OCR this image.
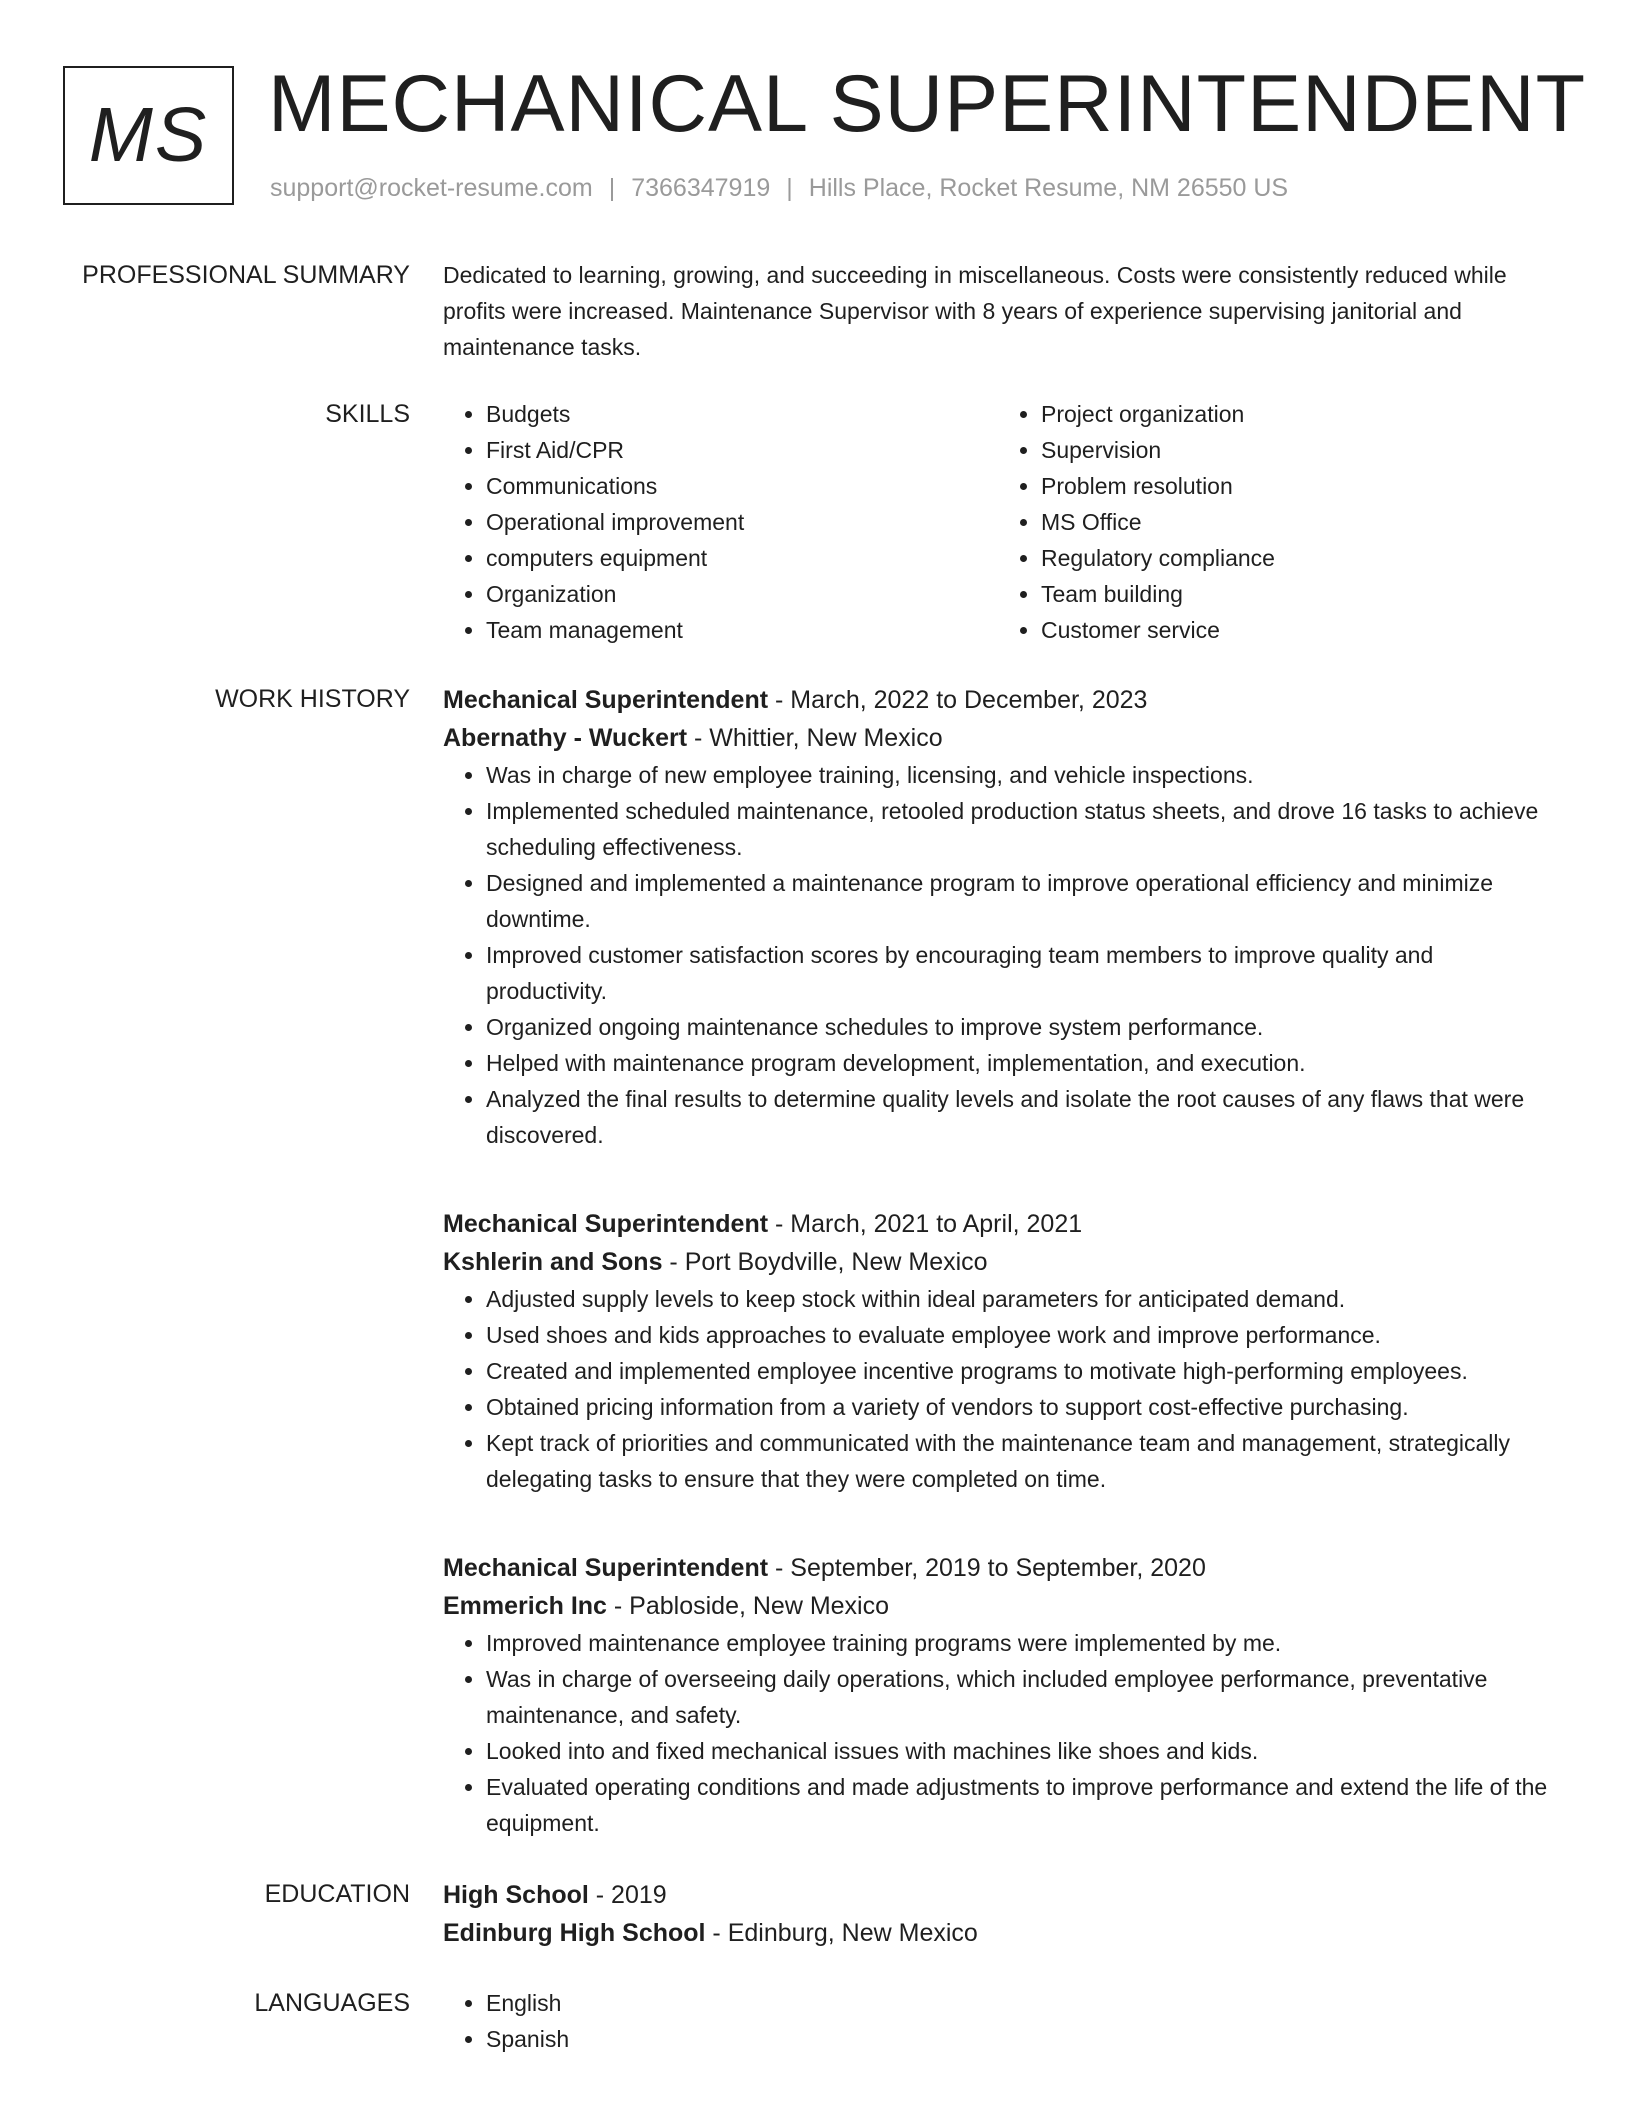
MS MECHANICAL SUPERINTENDENT
support@rocket-resume.com | 7366347919 | Hills Place, Rocket Resume, NM 26550 US
PROFESSIONAL SUMMARY Dedicated to learning, growing, and succeeding in miscellaneous. Costs were consistently reduced while profits were increased. Maintenance Supervisor with 8 years of experience supervising janitorial and maintenance tasks.

SKILLS	• Budgets
• First Aid/CPR
• Communications
• Operational improvement
• computers equipment
• Organization
• Team management
• Project organization
• Supervision
• Problem resolution
• MS Office
• Regulatory compliance
• Team building
• Customer service
WORK HISTORY Mechanical Superintendent - March, 2022 to December, 2023
Abernathy - Wuckert - Whittier, New Mexico
• Was in charge of new employee training, licensing, and vehicle inspections.
• Implemented scheduled maintenance, retooled production status sheets, and drove 16 tasks to achieve scheduling effectiveness.
• Designed and implemented a maintenance program to improve operational efficiency and minimize downtime.
• Improved customer satisfaction scores by encouraging team members to improve quality and productivity.
• Organized ongoing maintenance schedules to improve system performance.
• Helped with maintenance program development, implementation, and execution.
• Analyzed the final results to determine quality levels and isolate the root causes of any flaws that were discovered.
Mechanical Superintendent - March, 2021 to April, 2021
Kshlerin and Sons - Port Boydville, New Mexico
• Adjusted supply levels to keep stock within ideal parameters for anticipated demand.
• Used shoes and kids approaches to evaluate employee work and improve performance.
• Created and implemented employee incentive programs to motivate high-performing employees.
• Obtained pricing information from a variety of vendors to support cost-effective purchasing.
• Kept track of priorities and communicated with the maintenance team and management, strategically delegating tasks to ensure that they were completed on time.
Mechanical Superintendent - September, 2019 to September, 2020
Emmerich Inc - Pabloside, New Mexico
• Improved maintenance employee training programs were implemented by me.
• Was in charge of overseeing daily operations, which included employee performance, preventative maintenance, and safety.
• Looked into and fixed mechanical issues with machines like shoes and kids.
• Evaluated operating conditions and made adjustments to improve performance and extend the life of the equipment.
EDUCATION High School - 2019
Edinburg High School - Edinburg, New Mexico
LANGUAGES	• English
• Spanish
